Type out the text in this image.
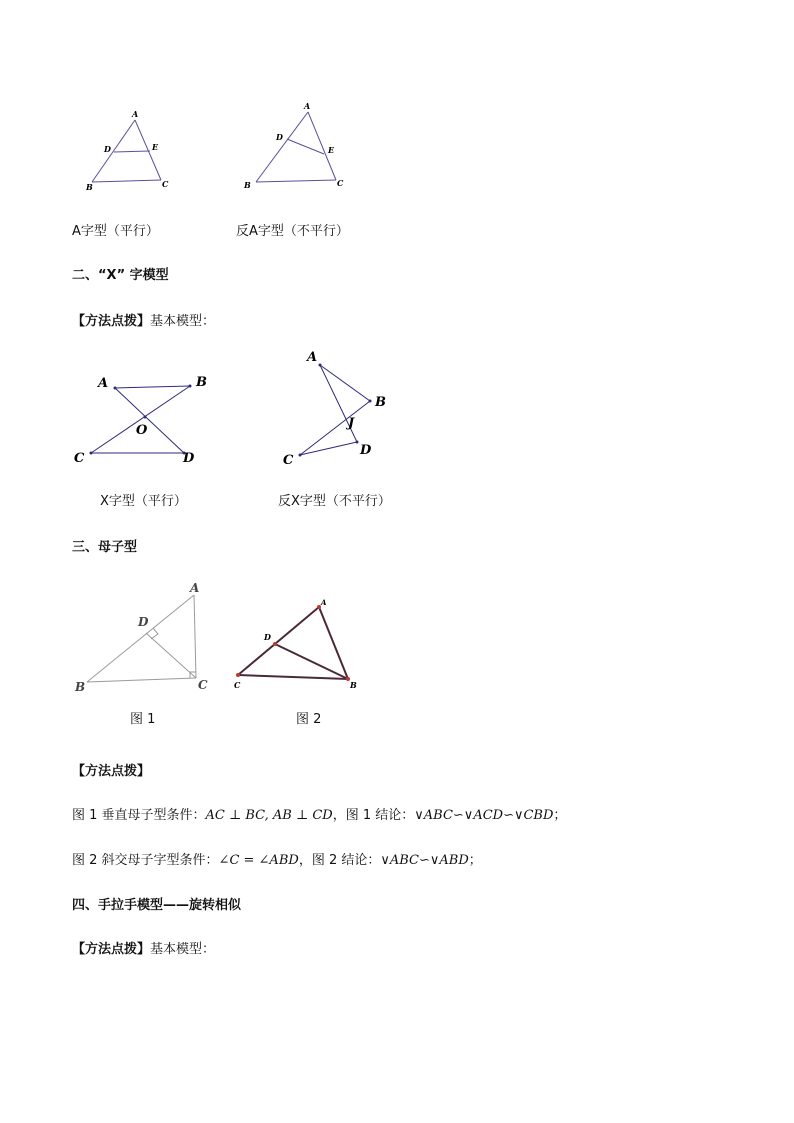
A
D	E
B	C
A
D
E
B	C
A字型（平行）	反A字型（不平行）
二、“X” 字模型
【方法点拨】基本模型：
A	B
O
C	D
A
B
J
D
C
X字型（平行）	反X字型（不平行）
三、母子型
A
D
B	C
A
D
C	B
图 1	图 2
【方法点拨】
图 1 垂直母子型条件：AC ⊥ BC, AB ⊥ CD，图 1 结论：∨ABC∽∨ACD∽∨CBD；
图 2 斜交母子字型条件：∠C = ∠ABD，图 2 结论：∨ABC∽∨ABD；
四、手拉手模型——旋转相似
【方法点拨】基本模型：
